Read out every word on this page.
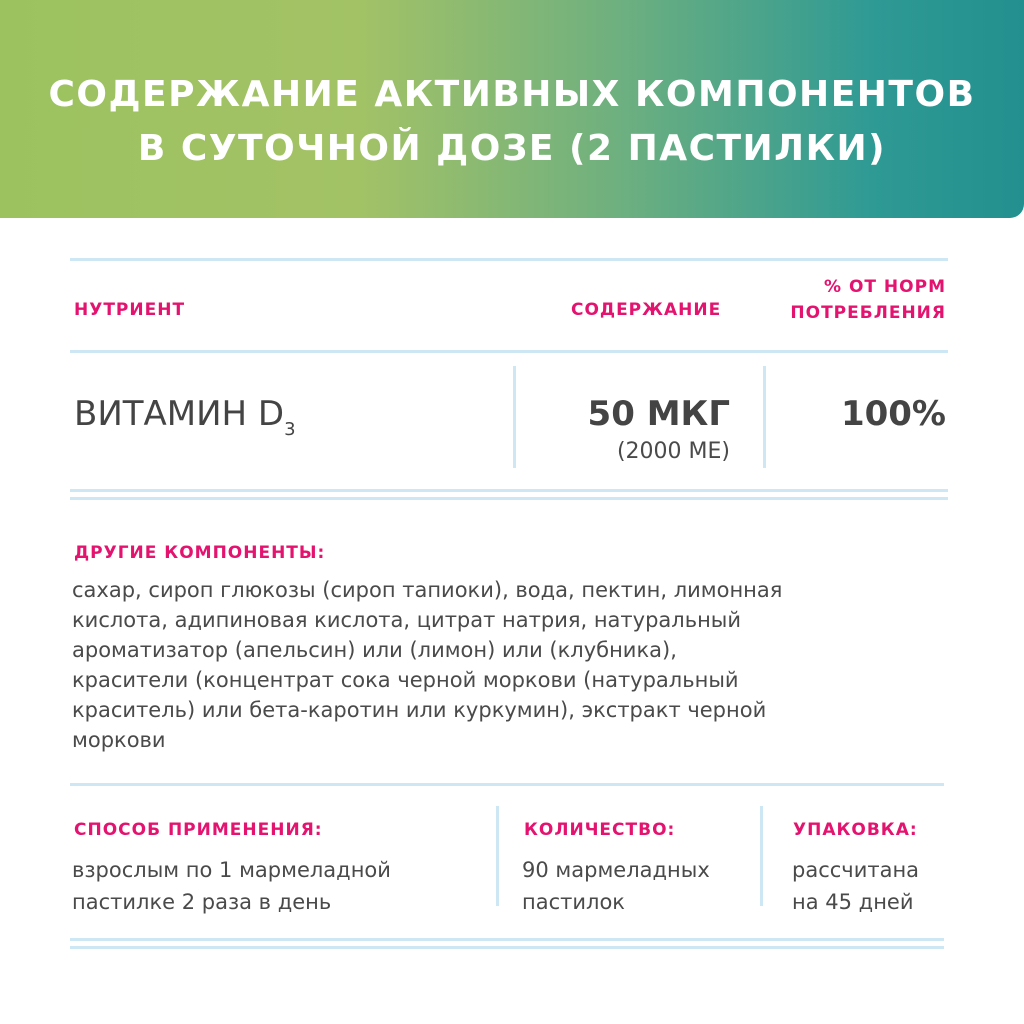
СОДЕРЖАНИЕ АКТИВНЫХ КОМПОНЕНТОВ
В СУТОЧНОЙ ДОЗЕ (2 ПАСТИЛКИ)
НУТРИЕНТ	СОДЕРЖАНИЕ
% ОТ НОРМ
ПОТРЕБЛЕНИЯ
ВИТАМИН $D_3$	50 МКГ
(2000 МЕ)
100%
ДРУГИЕ КОМПОНЕНТЫ:
сахар, сироп глюкозы (сироп тапиоки), вода, пектин, лимонная
кислота, адипиновая кислота, цитрат натрия, натуральный
ароматизатор (апельсин) или (лимон) или (клубника),
красители (концентрат сока черной моркови (натуральный
краситель) или бета-каротин или куркумин), экстракт черной
моркови
СПОСОБ ПРИМЕНЕНИЯ:
взрослым по 1 мармеладной
пастилке 2 раза в день
КОЛИЧЕСТВО:
90 мармеладных
пастилок
УПАКОВКА:
рассчитана
на 45 дней
